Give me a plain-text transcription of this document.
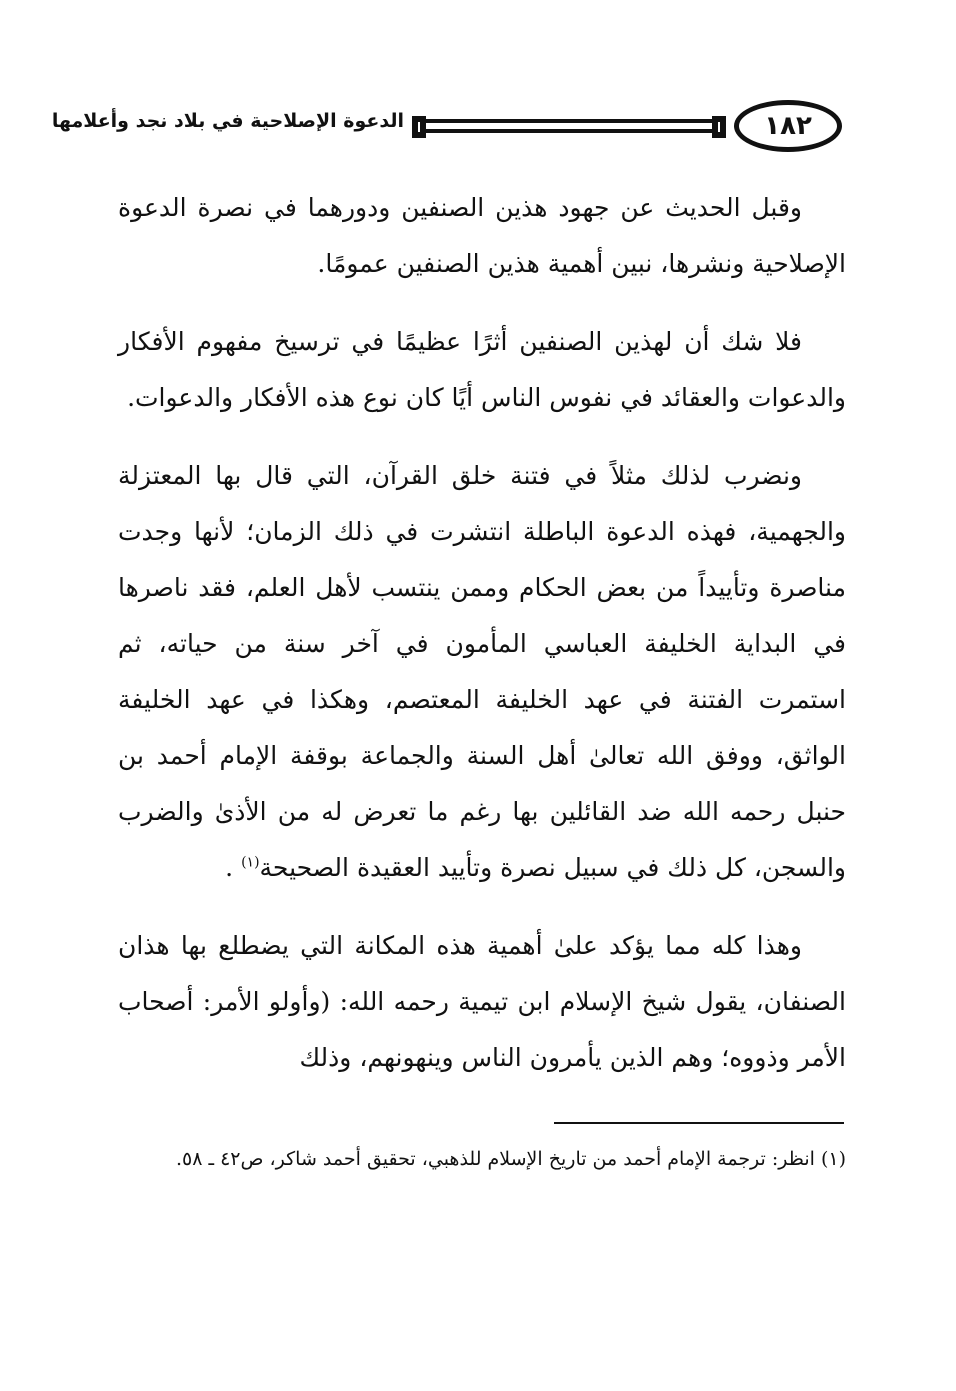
١٨٢
الدعوة الإصلاحية في بلاد نجد وأعلامها

وقبل الحديث عن جهود هذين الصنفين ودورهما في نصرة الدعوة الإصلاحية ونشرها، نبين أهمية هذين الصنفين عمومًا.

فلا شك أن لهذين الصنفين أثرًا عظيمًا في ترسيخ مفهوم الأفكار والدعوات والعقائد في نفوس الناس أيًا كان نوع هذه الأفكار والدعوات.

ونضرب لذلك مثلاً في فتنة خلق القرآن، التي قال بها المعتزلة والجهمية، فهذه الدعوة الباطلة انتشرت في ذلك الزمان؛ لأنها وجدت مناصرة وتأييداً من بعض الحكام وممن ينتسب لأهل العلم، فقد ناصرها في البداية الخليفة العباسي المأمون في آخر سنة من حياته، ثم استمرت الفتنة في عهد الخليفة المعتصم، وهكذا في عهد الخليفة الواثق، ووفق الله تعالىٰ أهل السنة والجماعة بوقفة الإمام أحمد بن حنبل رحمه الله ضد القائلين بها رغم ما تعرض له من الأذىٰ والضرب والسجن، كل ذلك في سبيل نصرة وتأييد العقيدة الصحيحة$^{(١)}$ .

وهذا كله مما يؤكد علىٰ أهمية هذه المكانة التي يضطلع بها هذان الصنفان، يقول شيخ الإسلام ابن تيمية رحمه الله: (وأولو الأمر: أصحاب الأمر وذووه؛ وهم الذين يأمرون الناس وينهونهم، وذلك

(١) انظر: ترجمة الإمام أحمد من تاريخ الإسلام للذهبي، تحقيق أحمد شاكر، ص٤٢ ـ ٥٨.
